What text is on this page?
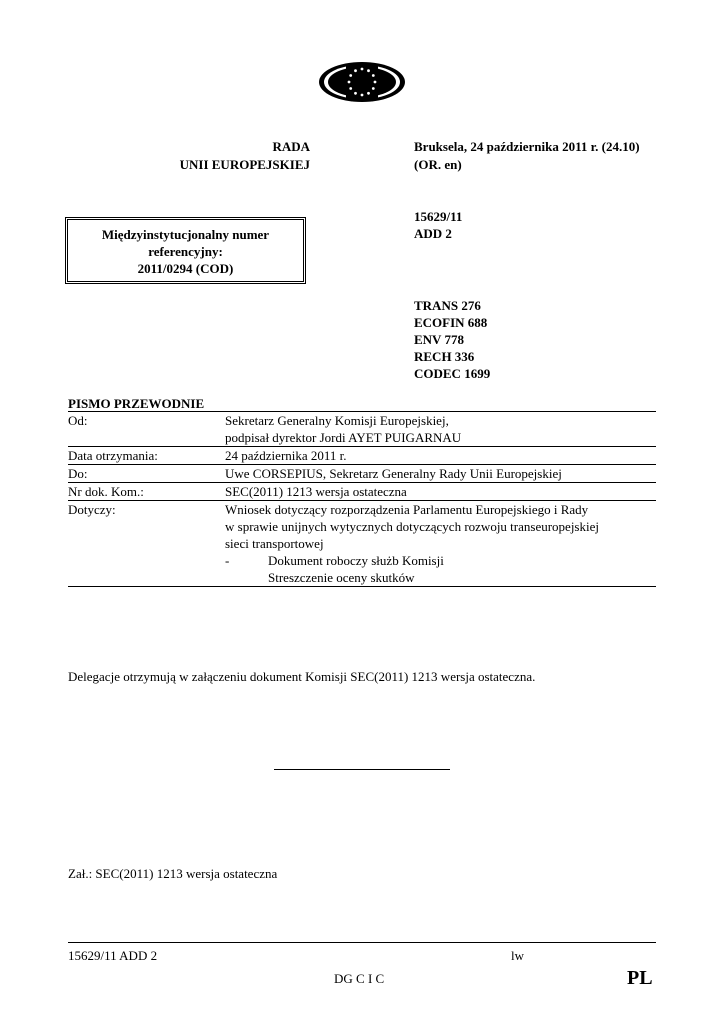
RADA
UNII EUROPEJSKIEJ
Bruksela, 24 października 2011 r. (24.10)
(OR. en)
Międzyinstytucjonalny numer
referencyjny:
2011/0294 (COD)
15629/11
ADD 2
TRANS 276
ECOFIN 688
ENV 778
RECH 336
CODEC 1699
PISMO PRZEWODNIE
Od:	Sekretarz Generalny Komisji Europejskiej,
podpisał dyrektor Jordi AYET PUIGARNAU
Data otrzymania:	24 października 2011 r.
Do:	Uwe CORSEPIUS, Sekretarz Generalny Rady Unii Europejskiej
Nr dok. Kom.:	SEC(2011) 1213 wersja ostateczna
Dotyczy:	Wniosek dotyczący rozporządzenia Parlamentu Europejskiego i Rady
w sprawie unijnych wytycznych dotyczących rozwoju transeuropejskiej
sieci transportowej
-	Dokument roboczy służb Komisji
Streszczenie oceny skutków
Delegacje otrzymują w załączeniu dokument Komisji SEC(2011) 1213 wersja ostateczna.
Zał.: SEC(2011) 1213 wersja ostateczna
15629/11 ADD 2	lw
DG C I C	PL
